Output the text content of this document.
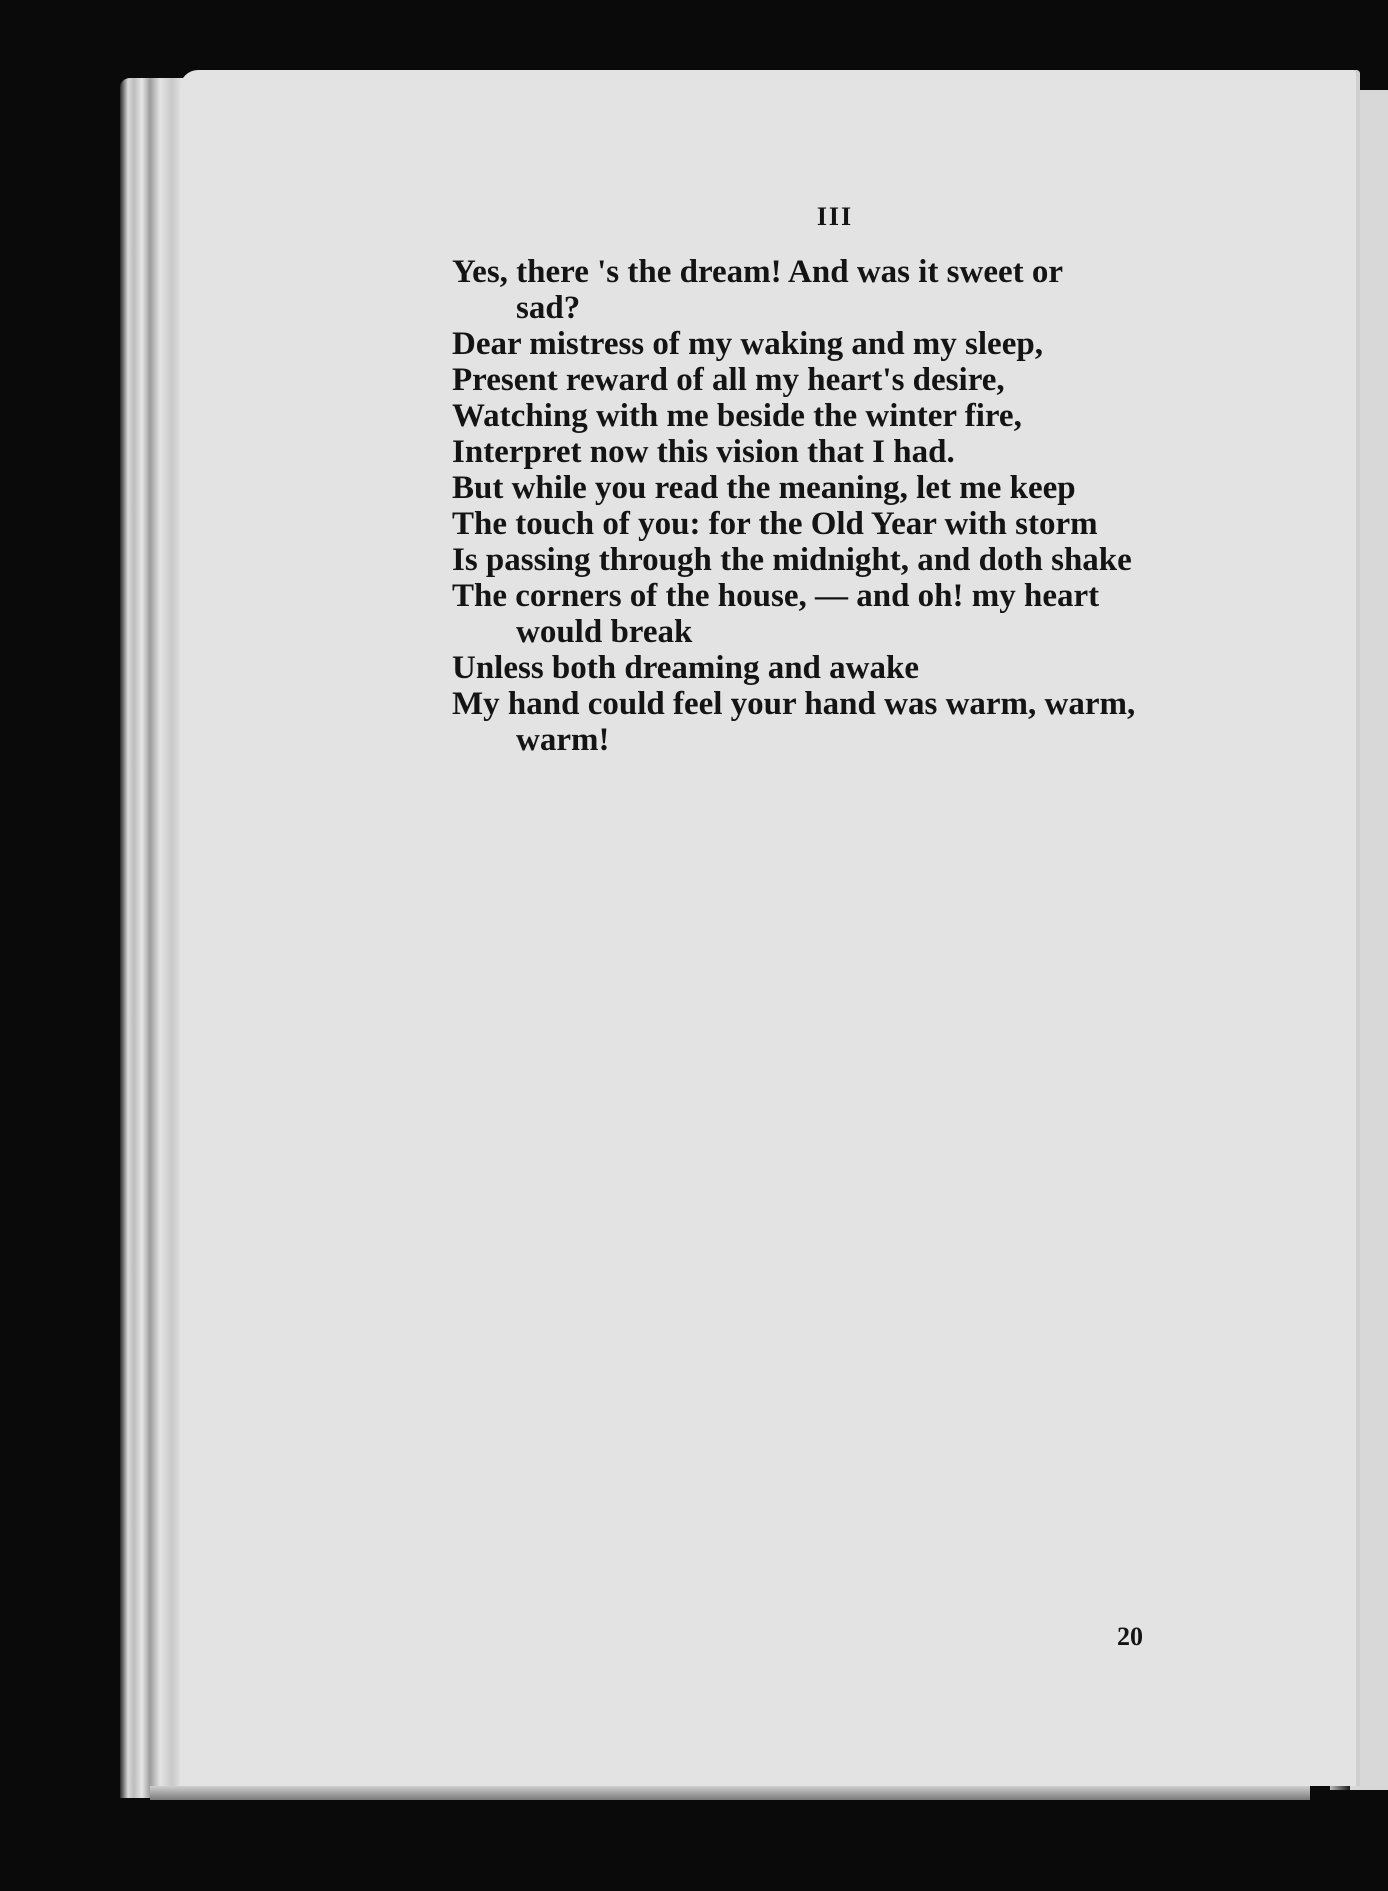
III
Yes, there 's the dream! And was it sweet or
sad?
Dear mistress of my waking and my sleep,
Present reward of all my heart's desire,
Watching with me beside the winter fire,
Interpret now this vision that I had.
But while you read the meaning, let me keep
The touch of you: for the Old Year with storm
Is passing through the midnight, and doth shake
The corners of the house, — and oh! my heart
would break
Unless both dreaming and awake
My hand could feel your hand was warm, warm,
warm!
20
